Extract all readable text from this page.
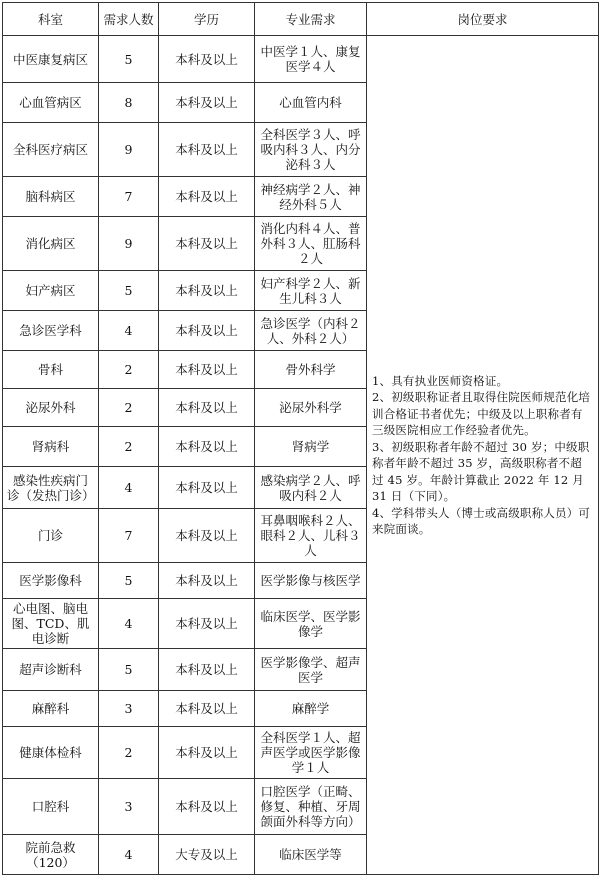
科室	需求人数	学历	专业需求	岗位要求
中医康复病区	5	本科及以上	中医学１人、康复医学４人	1、具有执业医师资格证。

2、初级职称证者且取得住院医师规范化培训合格证书者优先；中级及以上职称者有三级医院相应工作经验者优先。

3、初级职称者年龄不超过 30 岁；中级职称者年龄不超过 35 岁，高级职称者不超过 45 岁。年龄计算截止 2022 年 12 月 31 日（下同）。

4、学科带头人（博士或高级职称人员）可来院面谈。

心血管病区	8	本科及以上	心血管内科	
全科医疗病区	9	本科及以上	全科医学３人、呼吸内科３人、内分泌科３人	
脑科病区	7	本科及以上	神经病学２人、神经外科５人	
消化病区	9	本科及以上	消化内科４人、普外科３人、肛肠科２人	
妇产病区	5	本科及以上	妇产科学２人、新生儿科３人	
急诊医学科	4	本科及以上	急诊医学（内科２人、外科２人）	
骨科	2	本科及以上	骨外科学	
泌尿外科	2	本科及以上	泌尿外科学	
肾病科	2	本科及以上	肾病学	
感染性疾病门诊（发热门诊）	4	本科及以上	感染病学２人、呼吸内科２人	
门诊	7	本科及以上	耳鼻咽喉科２人、眼科２人、儿科３人	
医学影像科	5	本科及以上	医学影像与核医学	
心电图、脑电图、TCD、肌电诊断	4	本科及以上	临床医学、医学影像学	
超声诊断科	5	本科及以上	医学影像学、超声医学	
麻醉科	3	本科及以上	麻醉学	
健康体检科	2	本科及以上	全科医学１人、超声医学或医学影像学１人	
口腔科	3	本科及以上	口腔医学（正畸、修复、种植、牙周颌面外科等方向）	
院前急救（120）	4	大专及以上	临床医学等	
